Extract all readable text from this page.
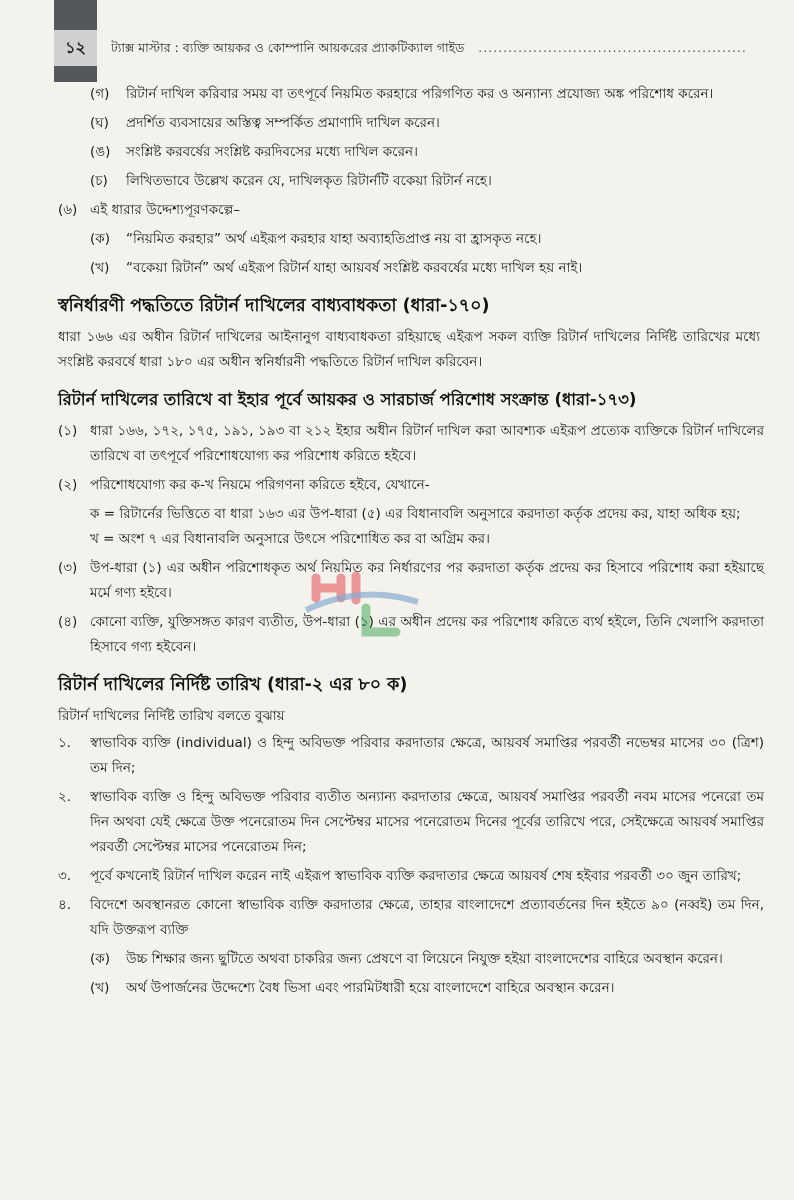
১২	ট্যাক্স মাস্টার : ব্যক্তি আয়কর ও কোম্পানি আয়করের প্র্যাকটিক্যাল গাইড ......................................................
(গ) রিটার্ন দাখিল করিবার সময় বা তৎপূর্বে নিয়মিত করহারে পরিগণিত কর ও অন্যান্য প্রযোজ্য অঙ্ক পরিশোধ করেন।
(ঘ) প্রদর্শিত ব্যবসায়ের অস্তিত্ব সম্পর্কিত প্রমাণাদি দাখিল করেন।
(ঙ) সংশ্লিষ্ট করবর্ষের সংশ্লিষ্ট করদিবসের মধ্যে দাখিল করেন।
(চ) লিখিতভাবে উল্লেখ করেন যে, দাখিলকৃত রিটার্নটি বকেয়া রিটার্ন নহে।
(৬) এই ধারার উদ্দেশ্যপূরণকল্পে–
(ক) “নিয়মিত করহার” অর্থ এইরূপ করহার যাহা অব্যাহতিপ্রাপ্ত নয় বা হ্রাসকৃত নহে।
(খ) “বকেয়া রিটার্ন” অর্থ এইরূপ রিটার্ন যাহা আয়বর্ষ সংশ্লিষ্ট করবর্ষের মধ্যে দাখিল হয় নাই।
স্বনির্ধারণী পদ্ধতিতে রিটার্ন দাখিলের বাধ্যবাধকতা (ধারা-১৭০)
ধারা ১৬৬ এর অধীন রিটার্ন দাখিলের আইনানুগ বাধ্যবাধকতা রহিয়াছে এইরূপ সকল ব্যক্তি রিটার্ন দাখিলের নির্দিষ্ট তারিখের মধ্যে সংশ্লিষ্ট করবর্ষে ধারা ১৮০ এর অধীন স্বনির্ধারনী পদ্ধতিতে রিটার্ন দাখিল করিবেন।
রিটার্ন দাখিলের তারিখে বা ইহার পূর্বে আয়কর ও সারচার্জ পরিশোধ সংক্রান্ত (ধারা-১৭৩)
(১) ধারা ১৬৬, ১৭২, ১৭৫, ১৯১, ১৯৩ বা ২১২ ইহার অধীন রিটার্ন দাখিল করা আবশ্যক এইরূপ প্রত্যেক ব্যক্তিকে রিটার্ন দাখিলের তারিখে বা তৎপূর্বে পরিশোধযোগ্য কর পরিশোধ করিতে হইবে।
(২) পরিশোধযোগ্য কর ক-খ নিয়মে পরিগণনা করিতে হইবে, যেখানে-
ক = রিটার্নের ভিত্তিতে বা ধারা ১৬৩ এর উপ-ধারা (৫) এর বিধানাবলি অনুসারে করদাতা কর্তৃক প্রদেয় কর, যাহা অধিক হয়;
খ = অংশ ৭ এর বিধানাবলি অনুসারে উৎসে পরিশোধিত কর বা অগ্রিম কর।
(৩) উপ-ধারা (১) এর অধীন পরিশোধকৃত অর্থ নিয়মিত কর নির্ধারণের পর করদাতা কর্তৃক প্রদেয় কর হিসাবে পরিশোধ করা হইয়াছে মর্মে গণ্য হইবে।
(৪) কোনো ব্যক্তি, যুক্তিসঙ্গত কারণ ব্যতীত, উপ-ধারা (১) এর অধীন প্রদেয় কর পরিশোধ করিতে ব্যর্থ হইলে, তিনি খেলাপি করদাতা হিসাবে গণ্য হইবেন।
রিটার্ন দাখিলের নির্দিষ্ট তারিখ (ধারা-২ এর ৮০ ক)
রিটার্ন দাখিলের নির্দিষ্ট তারিখ বলতে বুঝায়
১. স্বাভাবিক ব্যক্তি (individual) ও হিন্দু অবিভক্ত পরিবার করদাতার ক্ষেত্রে, আয়বর্ষ সমাপ্তির পরবর্তী নভেম্বর মাসের ৩০ (ত্রিশ) তম দিন;
২. স্বাভাবিক ব্যক্তি ও হিন্দু অবিভক্ত পরিবার ব্যতীত অন্যান্য করদাতার ক্ষেত্রে, আয়বর্ষ সমাপ্তির পরবর্তী নবম মাসের পনেরো তম দিন অথবা যেই ক্ষেত্রে উক্ত পনেরোতম দিন সেপ্টেম্বর মাসের পনেরোতম দিনের পূর্বের তারিখে পরে, সেইক্ষেত্রে আয়বর্ষ সমাপ্তির পরবর্তী সেপ্টেম্বর মাসের পনেরোতম দিন;
৩. পূর্বে কখনোই রিটার্ন দাখিল করেন নাই এইরূপ স্বাভাবিক ব্যক্তি করদাতার ক্ষেত্রে আয়বর্ষ শেষ হইবার পরবর্তী ৩০ জুন তারিখ;
৪. বিদেশে অবস্থানরত কোনো স্বাভাবিক ব্যক্তি করদাতার ক্ষেত্রে, তাহার বাংলাদেশে প্রত্যাবর্তনের দিন হইতে ৯০ (নব্বই) তম দিন, যদি উক্তরূপ ব্যক্তি
(ক) উচ্চ শিক্ষার জন্য ছুটিতে অথবা চাকরির জন্য প্রেষণে বা লিয়েনে নিযুক্ত হইয়া বাংলাদেশের বাহিরে অবস্থান করেন।
(খ) অর্থ উপার্জনের উদ্দেশ্যে বৈধ ভিসা এবং পারমিটধারী হয়ে বাংলাদেশে বাহিরে অবস্থান করেন।
